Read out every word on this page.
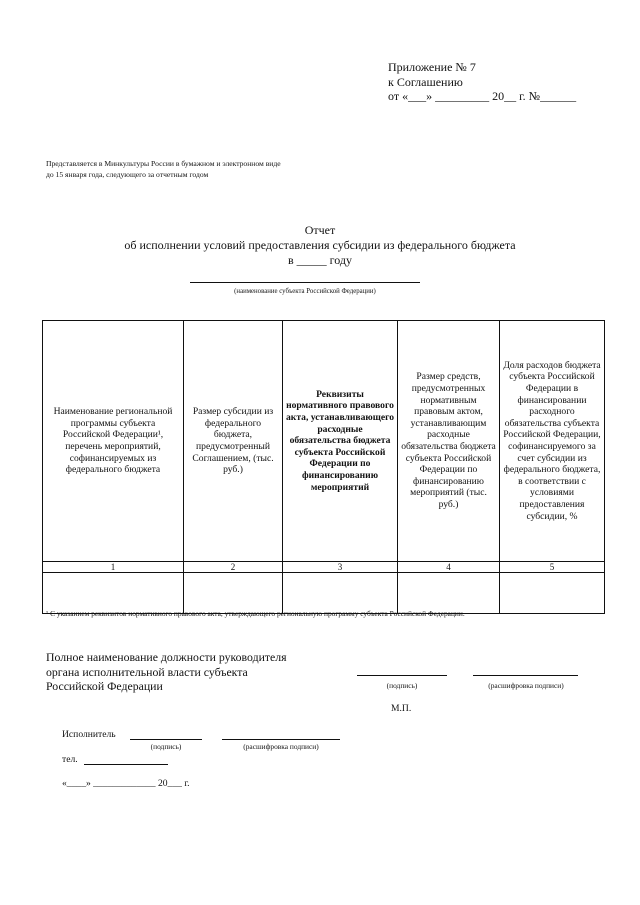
Приложение № 7
к Соглашению
от «___» _________ 20__ г. №______
Представляется в Минкультуры России в бумажном и электронном виде
до 15 января года, следующего за отчетным годом
Отчет
об исполнении условий предоставления субсидии из федерального бюджета
в _____ году
(наименование субъекта Российской Федерации)
Наименование региональной программы субъекта Российской Федерации¹, перечень мероприятий, софинансируемых из федерального бюджета	Размер субсидии из федерального бюджета, предусмотренный Соглашением, (тыс. руб.)	Реквизиты нормативного правового акта, устанавливающего расходные обязательства бюджета субъекта Российской Федерации по финансированию мероприятий	Размер средств, предусмотренных нормативным правовым актом, устанавливающим расходные обязательства бюджета субъекта Российской Федерации по финансированию мероприятий (тыс. руб.)	Доля расходов бюджета субъекта Российской Федерации в финансировании расходного обязательства субъекта Российской Федерации, софинансируемого за счет субсидии из федерального бюджета, в соответствии с условиями предоставления субсидии, %
1	2	3	4	5

¹ С указанием реквизитов нормативного правового акта, утверждающего региональную программу субъекта Российской Федерации.
Полное наименование должности руководителя
органа исполнительной власти субъекта
Российской Федерации	(подпись)	(расшифровка подписи)
М.П.
Исполнитель
(подпись)	(расшифровка подписи)
тел.
«____» _____________ 20___ г.
